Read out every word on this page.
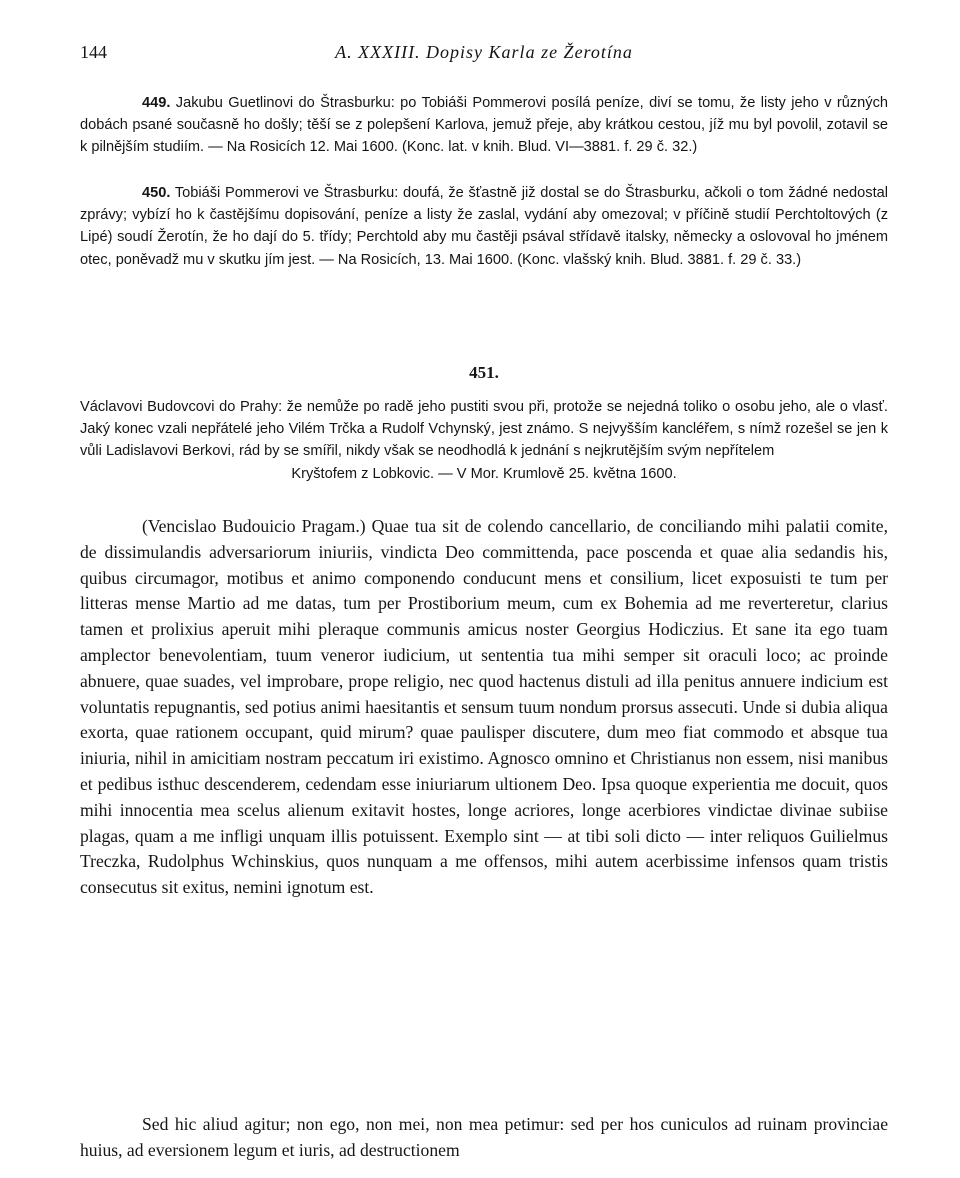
144	A. XXXIII. Dopisy Karla ze Žerotína

449. Jakubu Guetlinovi do Štrasburku: po Tobiáši Pommerovi posílá peníze, diví se tomu, že listy jeho v různých dobách psané současně ho došly; těší se z polepšení Karlova, jemuž přeje, aby krátkou cestou, jíž mu byl povolil, zotavil se k pilnějším studiím. — Na Rosicích 12. Mai 1600. (Konc. lat. v knih. Blud. VI—3881. f. 29 č. 32.)

450. Tobiáši Pommerovi ve Štrasburku: doufá, že šťastně již dostal se do Štrasburku, ačkoli o tom žádné nedostal zprávy; vybízí ho k častějšímu dopisování, peníze a listy že zaslal, vydání aby omezoval; v příčině studií Perchtoltových (z Lipé) soudí Žerotín, že ho dají do 5. třídy; Perchtold aby mu častěji psával střídavě italsky, německy a oslovoval ho jménem otec, poněvadž mu v skutku jím jest. — Na Rosicích, 13. Mai 1600. (Konc. vlašský knih. Blud. 3881. f. 29 č. 33.)

451.

Václavovi Budovcovi do Prahy: že nemůže po radě jeho pustiti svou při, protože se nejedná toliko o osobu jeho, ale o vlasť. Jaký konec vzali nepřátelé jeho Vilém Trčka a Rudolf Vchynský, jest známo. S nejvyšším kancléřem, s nímž rozešel se jen k vůli Ladislavovi Berkovi, rád by se smířil, nikdy však se neodhodlá k jednání s nejkrutějším svým nepřítelem
Kryštofem z Lobkovic. — V Mor. Krumlově 25. května 1600.

(Vencislao Budouicio Pragam.) Quae tua sit de colendo cancellario, de conciliando mihi palatii comite, de dissimulandis adversariorum iniuriis, vindicta Deo committenda, pace poscenda et quae alia sedandis his, quibus circumagor, motibus et animo componendo conducunt mens et consilium, licet exposuisti te tum per litteras mense Martio ad me datas, tum per Prostiborium meum, cum ex Bohemia ad me reverteretur, clarius tamen et prolixius aperuit mihi pleraque communis amicus noster Georgius Hodiczius. Et sane ita ego tuam amplector benevolentiam, tuum veneror iudicium, ut sententia tua mihi semper sit oraculi loco; ac proinde abnuere, quae suades, vel improbare, prope religio, nec quod hactenus distuli ad illa penitus annuere indicium est voluntatis repugnantis, sed potius animi haesitantis et sensum tuum nondum prorsus assecuti. Unde si dubia aliqua exorta, quae rationem occupant, quid mirum? quae paulisper discutere, dum meo fiat commodo et absque tua iniuria, nihil in amicitiam nostram peccatum iri existimo. Agnosco omnino et Christianus non essem, nisi manibus et pedibus isthuc descenderem, cedendam esse iniuriarum ultionem Deo. Ipsa quoque experientia me docuit, quos mihi innocentia mea scelus alienum exitavit hostes, longe acriores, longe acerbiores vindictae divinae subiise plagas, quam a me infligi unquam illis potuissent. Exemplo sint — at tibi soli dicto — inter reliquos Guilielmus Treczka, Rudolphus Wchinskius, quos nunquam a me offensos, mihi autem acerbissime infensos quam tristis consecutus sit exitus, nemini ignotum est.

Sed hic aliud agitur; non ego, non mei, non mea petimur: sed per hos cuniculos ad ruinam provinciae huius, ad eversionem legum et iuris, ad destructionem
